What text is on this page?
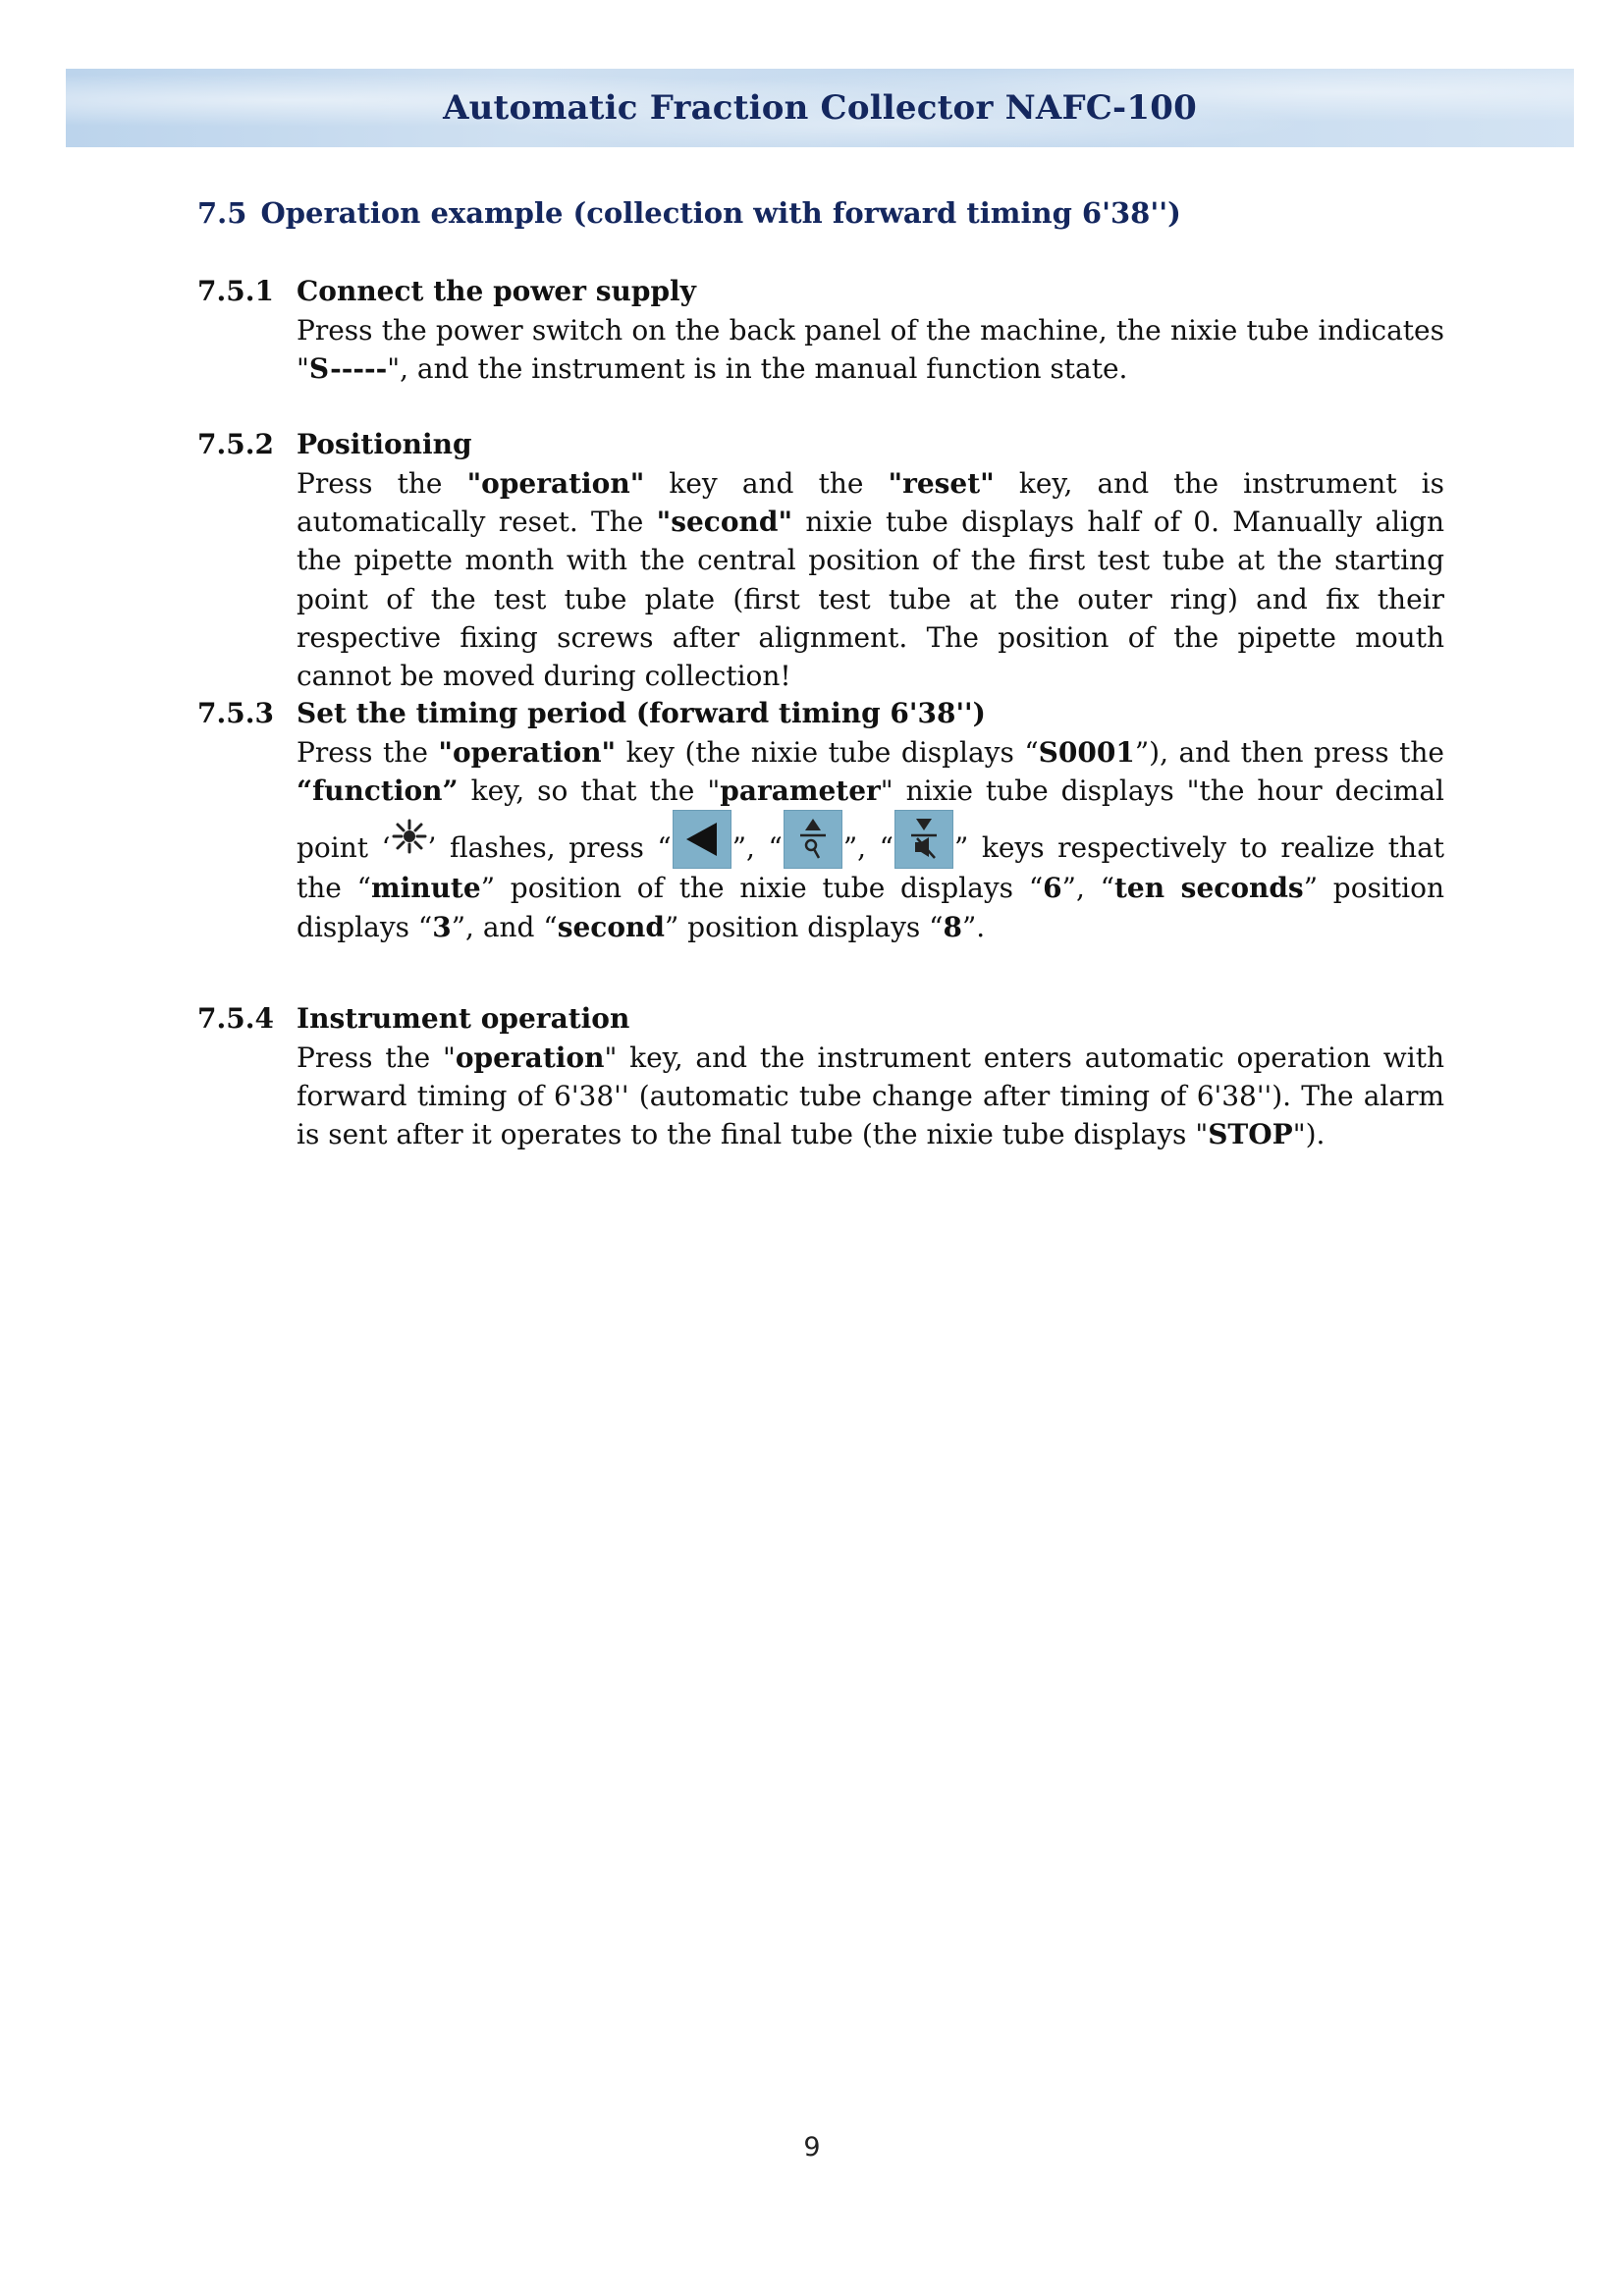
Automatic Fraction Collector NAFC-100
7.5 Operation example (collection with forward timing 6'38'')
7.5.1 Connect the power supply
Press the power switch on the back panel of the machine, the nixie tube indicates "S-----", and the instrument is in the manual function state.
7.5.2 Positioning
Press the "operation" key and the "reset" key, and the instrument is automatically reset. The "second" nixie tube displays half of 0. Manually align the pipette month with the central position of the first test tube at the starting point of the test tube plate (first test tube at the outer ring) and fix their respective fixing screws after alignment. The position of the pipette mouth cannot be moved during collection!
7.5.3 Set the timing period (forward timing 6'38'')
Press the "operation" key (the nixie tube displays “S0001”), and then press the “function” key, so that the "parameter" nixie tube displays "the hour decimal point ‘ ’ flashes, press “ ”, “ ”, “ ” keys respectively to realize that the “minute” position of the nixie tube displays “6”, “ten seconds” position displays “3”, and “second” position displays “8”.
7.5.4 Instrument operation
Press the "operation" key, and the instrument enters automatic operation with forward timing of 6'38'' (automatic tube change after timing of 6'38''). The alarm is sent after it operates to the final tube (the nixie tube displays "STOP").
9
